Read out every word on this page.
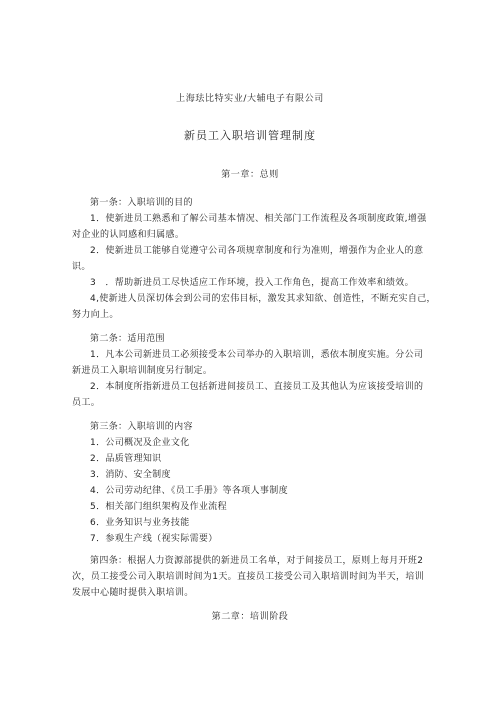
上海珐比特实业/大辅电子有限公司
新员工入职培训管理制度
第一章：总则
第一条：入职培训的目的
1．使新进员工熟悉和了解公司基本情况、相关部门工作流程及各项制度政策,增强
对企业的认同感和归属感。
2．使新进员工能够自觉遵守公司各项规章制度和行为准则，增强作为企业人的意
识。
3　．帮助新进员工尽快适应工作环境，投入工作角色，提高工作效率和绩效。
4,使新进人员深切体会到公司的宏伟目标，激发其求知欲、创造性，不断充实自己，
努力向上。
第二条：适用范围
1．凡本公司新进员工必须接受本公司举办的入职培训，悉依本制度实施。分公司
新进员工入职培训制度另行制定。
2．本制度所指新进员工包括新进间接员工、直接员工及其他认为应该接受培训的
员工。
第三条：入职培训的内容
1．公司概况及企业文化
2．品质管理知识
3．消防、安全制度
4．公司劳动纪律、《员工手册》等各项人事制度
5．相关部门组织架构及作业流程
6．业务知识与业务技能
7．参观生产线（视实际需要）
第四条：根据人力资源部提供的新进员工名单，对于间接员工，原则上每月开班2
次，员工接受公司入职培训时间为1天。直接员工接受公司入职培训时间为半天，培训
发展中心随时提供入职培训。
第二章：培训阶段
